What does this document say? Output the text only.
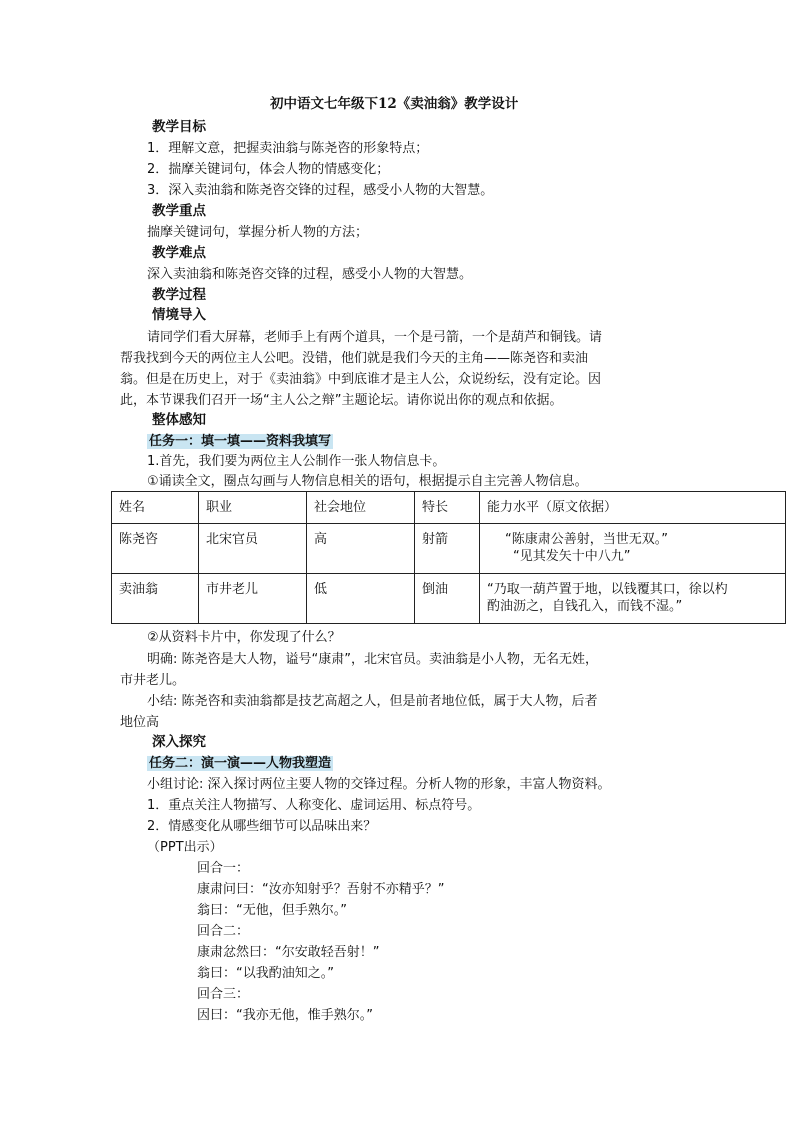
初中语文七年级下12《卖油翁》教学设计
教学目标
1．理解文意，把握卖油翁与陈尧咨的形象特点；
2．揣摩关键词句，体会人物的情感变化；
3．深入卖油翁和陈尧咨交锋的过程，感受小人物的大智慧。
教学重点
揣摩关键词句，掌握分析人物的方法；
教学难点
深入卖油翁和陈尧咨交锋的过程，感受小人物的大智慧。
教学过程
情境导入
请同学们看大屏幕，老师手上有两个道具，一个是弓箭，一个是葫芦和铜钱。请
帮我找到今天的两位主人公吧。没错，他们就是我们今天的主角——陈尧咨和卖油
翁。但是在历史上，对于《卖油翁》中到底谁才是主人公，众说纷纭，没有定论。因
此，本节课我们召开一场“主人公之辩”主题论坛。请你说出你的观点和依据。
整体感知
任务一：填一填——资料我填写
1.首先，我们要为两位主人公制作一张人物信息卡。
①诵读全文，圈点勾画与人物信息相关的语句，根据提示自主完善人物信息。
姓名	职业	社会地位	特长	能力水平（原文依据）
陈尧咨	北宋官员	高	射箭	“陈康肃公善射，当世无双。”
“见其发矢十中八九”

卖油翁	市井老儿	低	倒油	“乃取一葫芦置于地，以钱覆其口，徐以杓
酌油沥之，自钱孔入，而钱不湿。”
②从资料卡片中，你发现了什么？
明确: 陈尧咨是大人物，谥号“康肃”，北宋官员。卖油翁是小人物，无名无姓，
市井老儿。
小结: 陈尧咨和卖油翁都是技艺高超之人，但是前者地位低，属于大人物，后者
地位高
深入探究
任务二：演一演——人物我塑造
小组讨论: 深入探讨两位主要人物的交锋过程。分析人物的形象，丰富人物资料。
1．重点关注人物描写、人称变化、虚词运用、标点符号。
2．情感变化从哪些细节可以品味出来？
（PPT出示）
回合一：
康肃问曰：“汝亦知射乎？吾射不亦精乎？”
翁曰：“无他，但手熟尔。”
回合二：
康肃忿然曰：“尔安敢轻吾射！”
翁曰：“以我酌油知之。”
回合三：
因曰：“我亦无他，惟手熟尔。”
